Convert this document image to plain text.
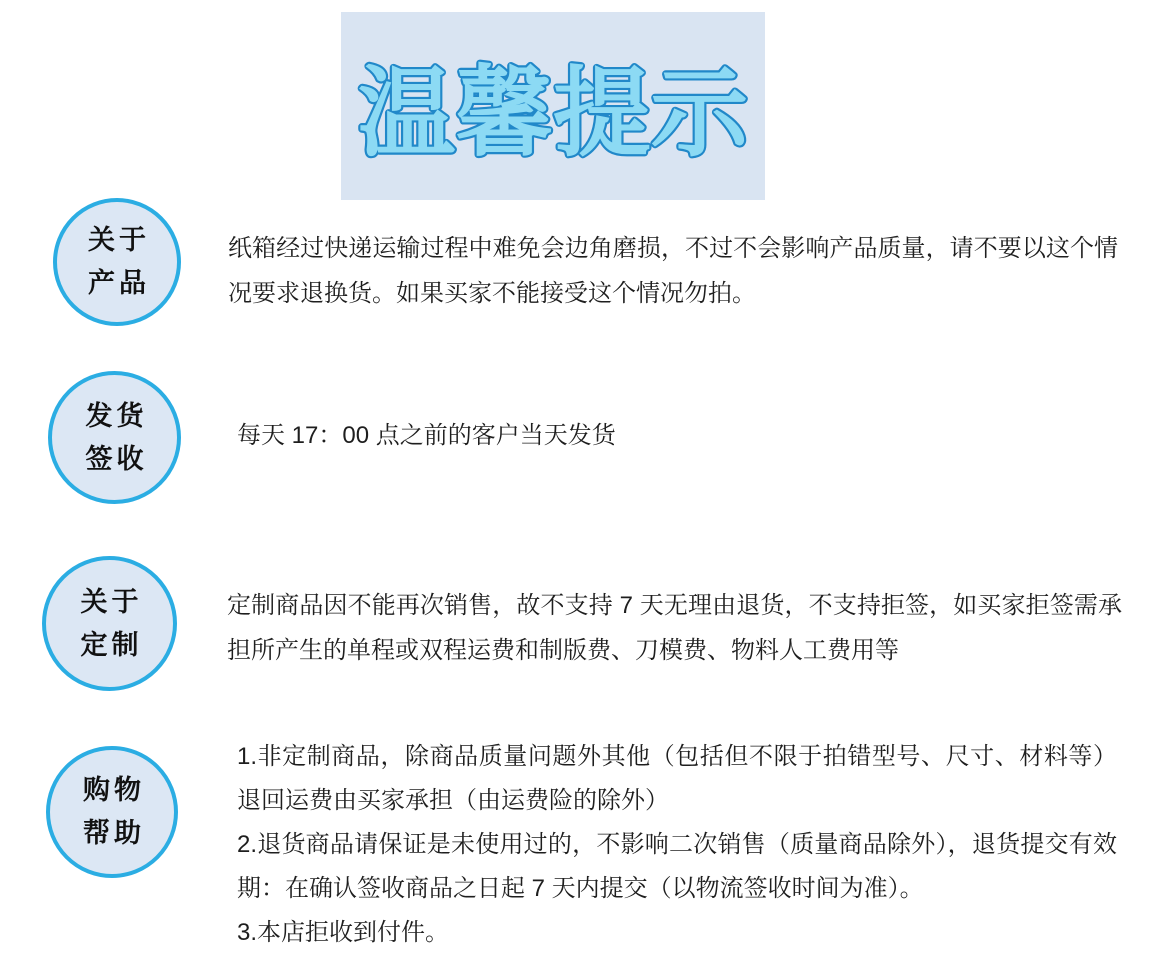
温馨提示
关于
产品

纸箱经过快递运输过程中难免会边角磨损，不过不会影响产品质量，请不要以这个情况要求退换货。如果买家不能接受这个情况勿拍。

发货
签收

每天 17：00 点之前的客户当天发货

关于
定制

定制商品因不能再次销售，故不支持 7 天无理由退货，不支持拒签，如买家拒签需承担所产生的单程或双程运费和制版费、刀模费、物料人工费用等

购物
帮助
1.非定制商品，除商品质量问题外其他（包括但不限于拍错型号、尺寸、材料等）退回运费由买家承担（由运费险的除外）
2.退货商品请保证是未使用过的，不影响二次销售（质量商品除外），退货提交有效期：在确认签收商品之日起 7 天内提交（以物流签收时间为准）。
3.本店拒收到付件。
